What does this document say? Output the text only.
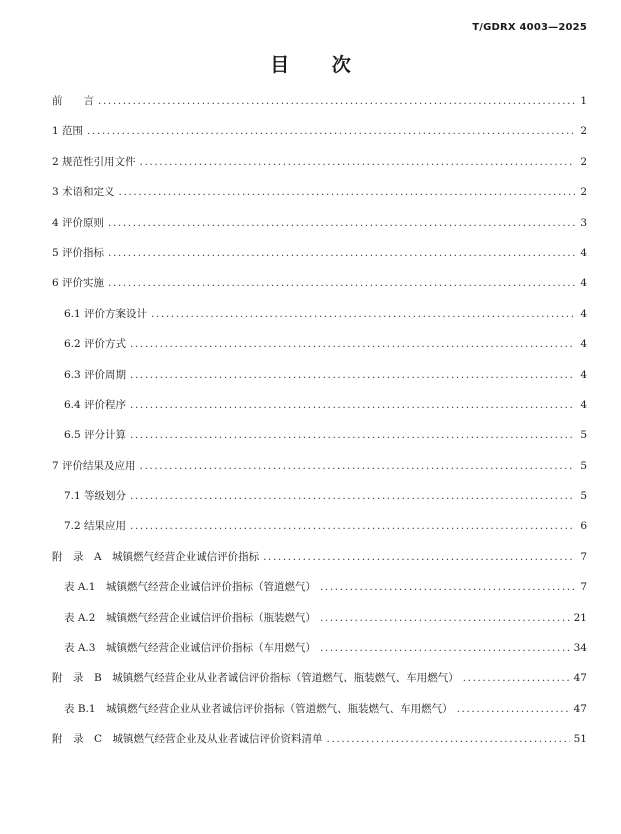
T/GDRX 4003—2025
目 次
前　　言 .....	1
1 范围 .....	2
2 规范性引用文件 .....	2
3 术语和定义 .....	2
4 评价原则 .....	3
5 评价指标 .....	4
6 评价实施 .....	4
6.1 评价方案设计 .....	4
6.2 评价方式 .....	4
6.3 评价周期 .....	4
6.4 评价程序 .....	4
6.5 评分计算 .....	5
7 评价结果及应用 .....	5
7.1 等级划分 .....	5
7.2 结果应用 .....	6
附　录　A　城镇燃气经营企业诚信评价指标 .....	7
表 A.1　城镇燃气经营企业诚信评价指标（管道燃气） .....	7
表 A.2　城镇燃气经营企业诚信评价指标（瓶装燃气） .....	21
表 A.3　城镇燃气经营企业诚信评价指标（车用燃气） .....	34
附　录　B　城镇燃气经营企业从业者诚信评价指标（管道燃气、瓶装燃气、车用燃气） .....	47
表 B.1　城镇燃气经营企业从业者诚信评价指标（管道燃气、瓶装燃气、车用燃气） .....	47
附　录　C　城镇燃气经营企业及从业者诚信评价资料清单 .....	51
